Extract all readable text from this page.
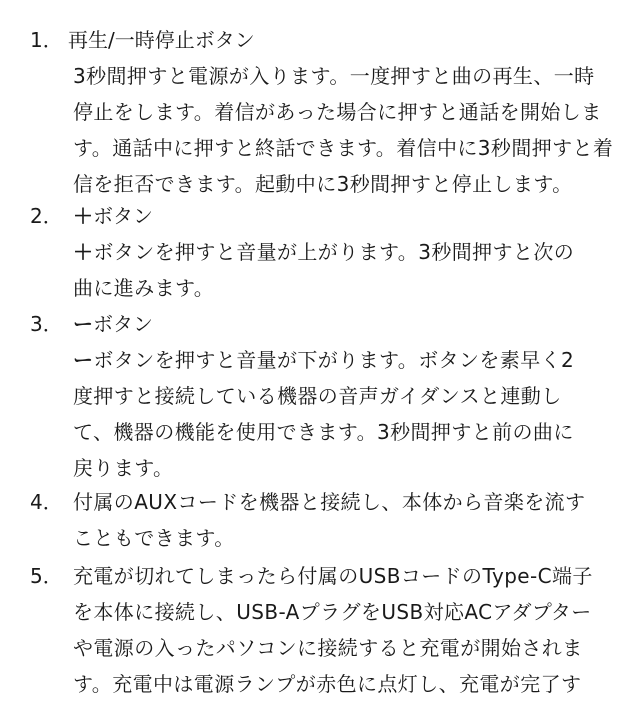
1． 再生/一時停止ボタン
3秒間押すと電源が入ります。一度押すと曲の再生、一時
停止をします。着信があった場合に押すと通話を開始しま
す。通話中に押すと終話できます。着信中に3秒間押すと着
信を拒否できます。起動中に3秒間押すと停止します。
2． ＋ボタン
＋ボタンを押すと音量が上がります。3秒間押すと次の
曲に進みます。
3． ーボタン
ーボタンを押すと音量が下がります。ボタンを素早く2
度押すと接続している機器の音声ガイダンスと連動し
て、機器の機能を使用できます。3秒間押すと前の曲に
戻ります。
4． 付属のAUXコードを機器と接続し、本体から音楽を流す
こともできます。
5． 充電が切れてしまったら付属のUSBコードのType-C端子
を本体に接続し、USB-AプラグをUSB対応ACアダプター
や電源の入ったパソコンに接続すると充電が開始されま
す。充電中は電源ランプが赤色に点灯し、充電が完了す
